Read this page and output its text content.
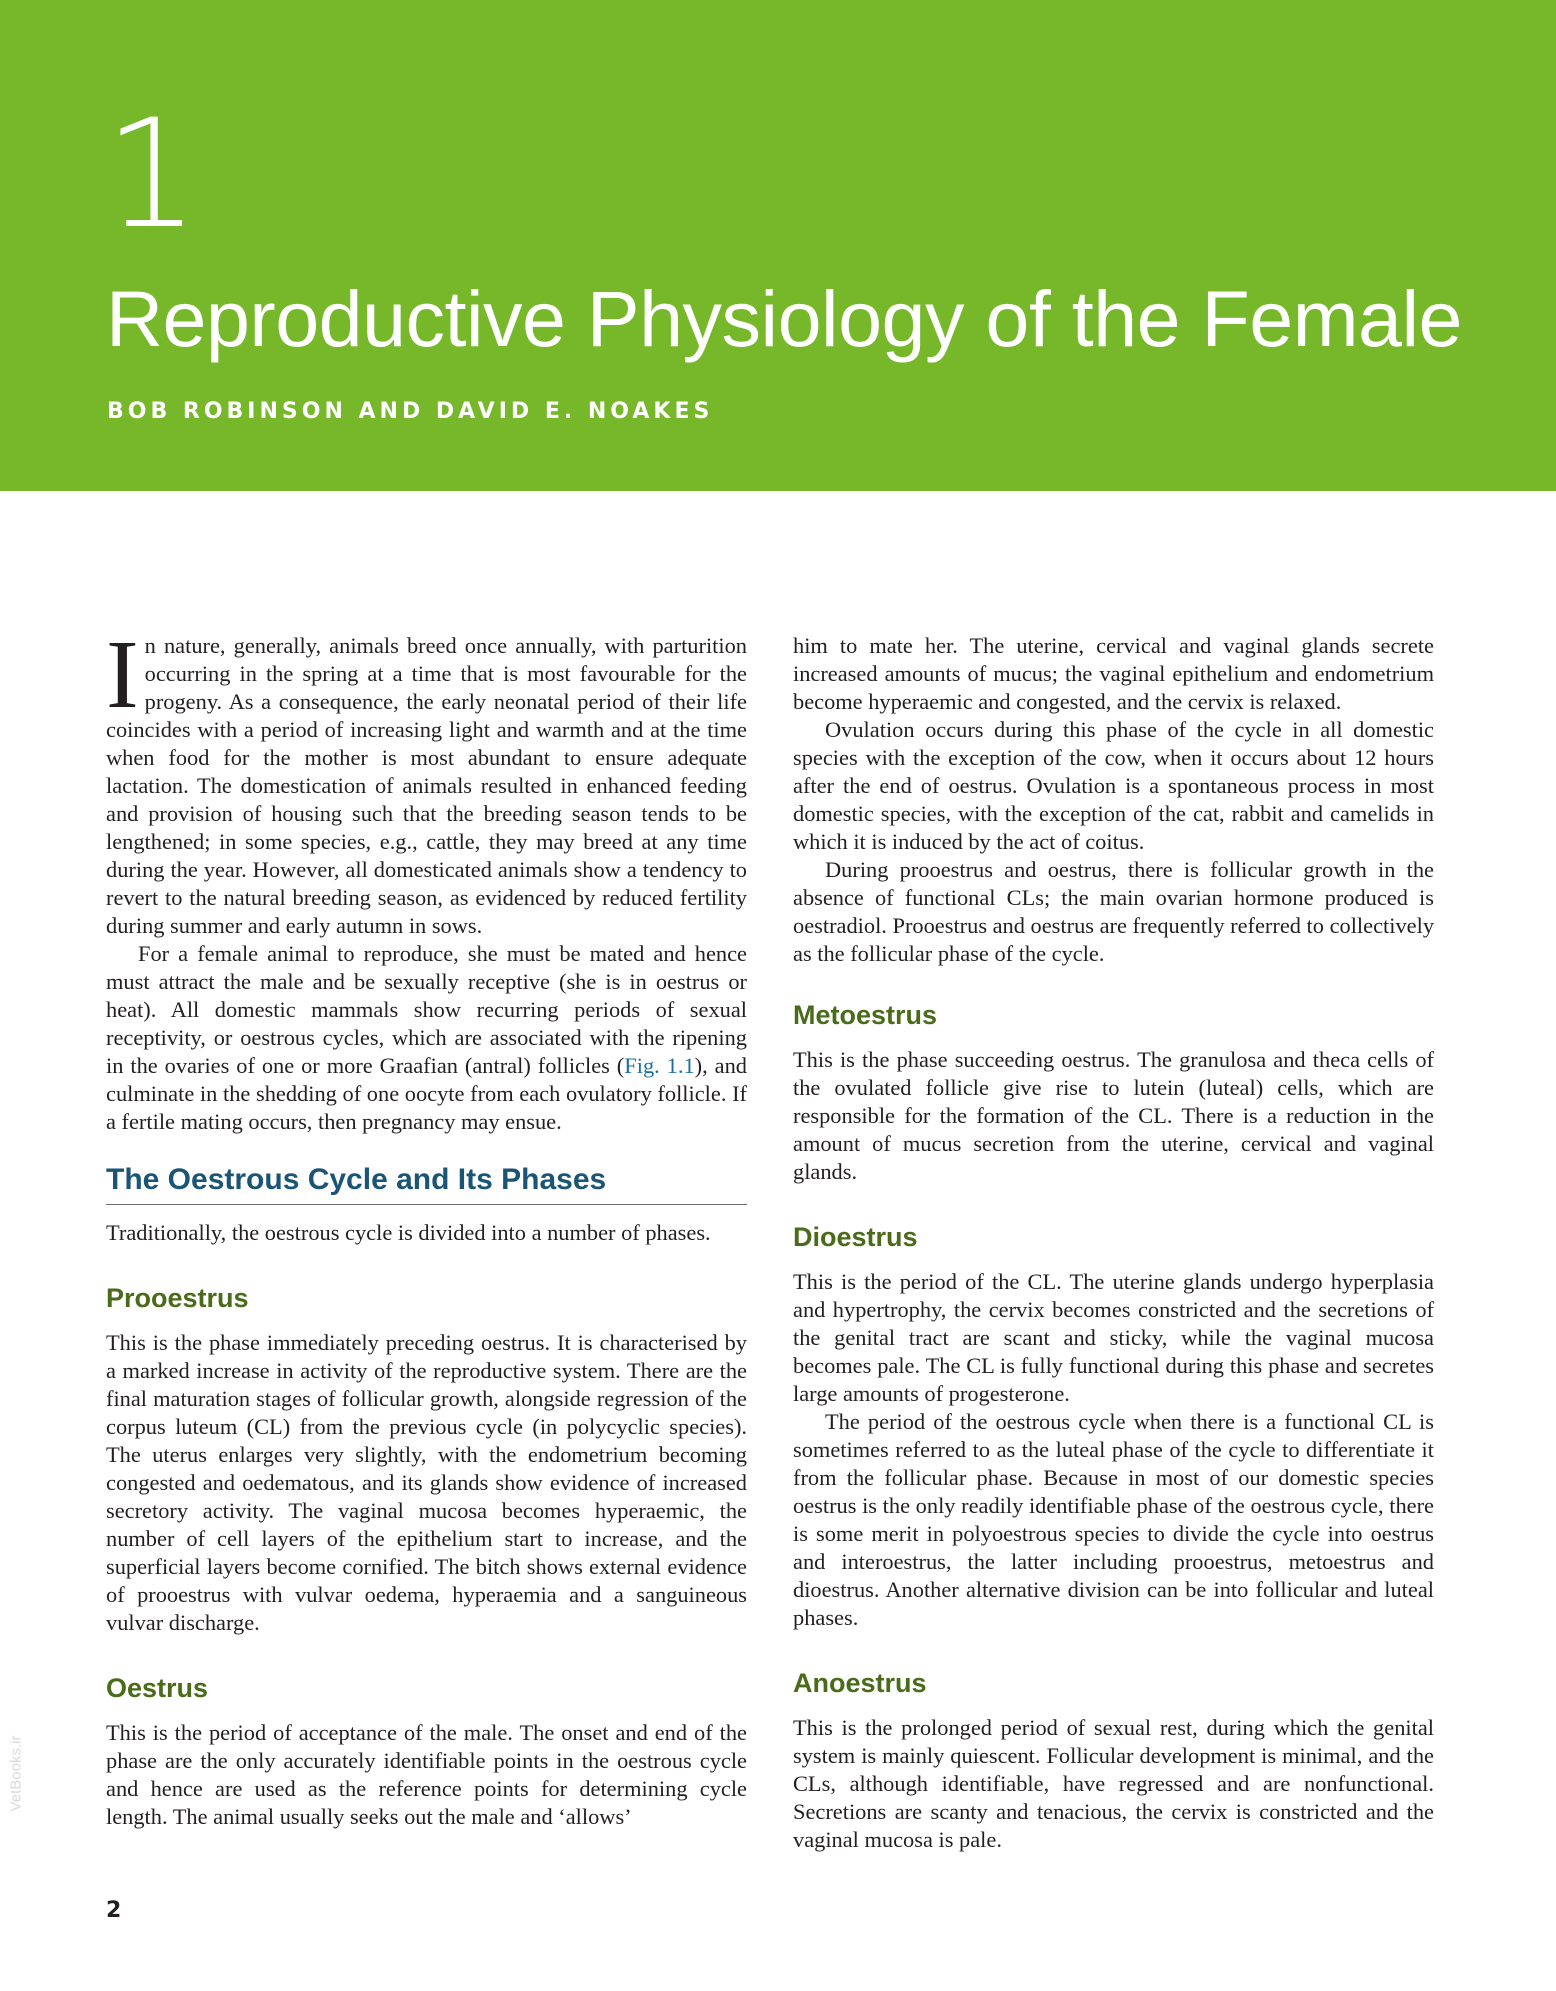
1
Reproductive Physiology of the Female
BOB ROBINSON AND DAVID E. NOAKES

In nature, generally, animals breed once annually, with parturition occurring in the spring at a time that is most favourable for the progeny. As a consequence, the early neonatal period of their life coincides with a period of increasing light and warmth and at the time when food for the mother is most abundant to ensure adequate lactation. The domestication of animals resulted in enhanced feeding and provision of housing such that the breeding season tends to be lengthened; in some species, e.g., cattle, they may breed at any time during the year. However, all domesticated animals show a tendency to revert to the natural breeding season, as evidenced by reduced fertility during summer and early autumn in sows.

For a female animal to reproduce, she must be mated and hence must attract the male and be sexually receptive (she is in oestrus or heat). All domestic mammals show recurring periods of sexual receptivity, or oestrous cycles, which are associated with the ripening in the ovaries of one or more Graafian (antral) follicles (Fig. 1.1), and culminate in the shedding of one oocyte from each ovulatory follicle. If a fertile mating occurs, then pregnancy may ensue.

The Oestrous Cycle and Its Phases

Traditionally, the oestrous cycle is divided into a number of phases.

Prooestrus

This is the phase immediately preceding oestrus. It is characterised by a marked increase in activity of the reproductive system. There are the final maturation stages of follicular growth, alongside regression of the corpus luteum (CL) from the previous cycle (in polycyclic species). The uterus enlarges very slightly, with the endometrium becoming congested and oedematous, and its glands show evidence of increased secretory activity. The vaginal mucosa becomes hyperaemic, the number of cell layers of the epithelium start to increase, and the superficial layers become cornified. The bitch shows external evidence of prooestrus with vulvar oedema, hyperaemia and a sanguineous vulvar discharge.

Oestrus

This is the period of acceptance of the male. The onset and end of the phase are the only accurately identifiable points in the oestrous cycle and hence are used as the reference points for determining cycle length. The animal usually seeks out the male and ‘allows’

him to mate her. The uterine, cervical and vaginal glands secrete increased amounts of mucus; the vaginal epithelium and endometrium become hyperaemic and congested, and the cervix is relaxed.

Ovulation occurs during this phase of the cycle in all domestic species with the exception of the cow, when it occurs about 12 hours after the end of oestrus. Ovulation is a spontaneous process in most domestic species, with the exception of the cat, rabbit and camelids in which it is induced by the act of coitus.

During prooestrus and oestrus, there is follicular growth in the absence of functional CLs; the main ovarian hormone produced is oestradiol. Prooestrus and oestrus are frequently referred to collectively as the follicular phase of the cycle.

Metoestrus

This is the phase succeeding oestrus. The granulosa and theca cells of the ovulated follicle give rise to lutein (luteal) cells, which are responsible for the formation of the CL. There is a reduction in the amount of mucus secretion from the uterine, cervical and vaginal glands.

Dioestrus

This is the period of the CL. The uterine glands undergo hyperplasia and hypertrophy, the cervix becomes constricted and the secretions of the genital tract are scant and sticky, while the vaginal mucosa becomes pale. The CL is fully functional during this phase and secretes large amounts of progesterone.

The period of the oestrous cycle when there is a functional CL is sometimes referred to as the luteal phase of the cycle to differentiate it from the follicular phase. Because in most of our domestic species oestrus is the only readily identifiable phase of the oestrous cycle, there is some merit in polyoestrous species to divide the cycle into oestrus and interoestrus, the latter including prooestrus, metoestrus and dioestrus. Another alternative division can be into follicular and luteal phases.

Anoestrus

This is the prolonged period of sexual rest, during which the genital system is mainly quiescent. Follicular development is minimal, and the CLs, although identifiable, have regressed and are nonfunctional. Secretions are scanty and tenacious, the cervix is constricted and the vaginal mucosa is pale.

2
VetBooks.ir
